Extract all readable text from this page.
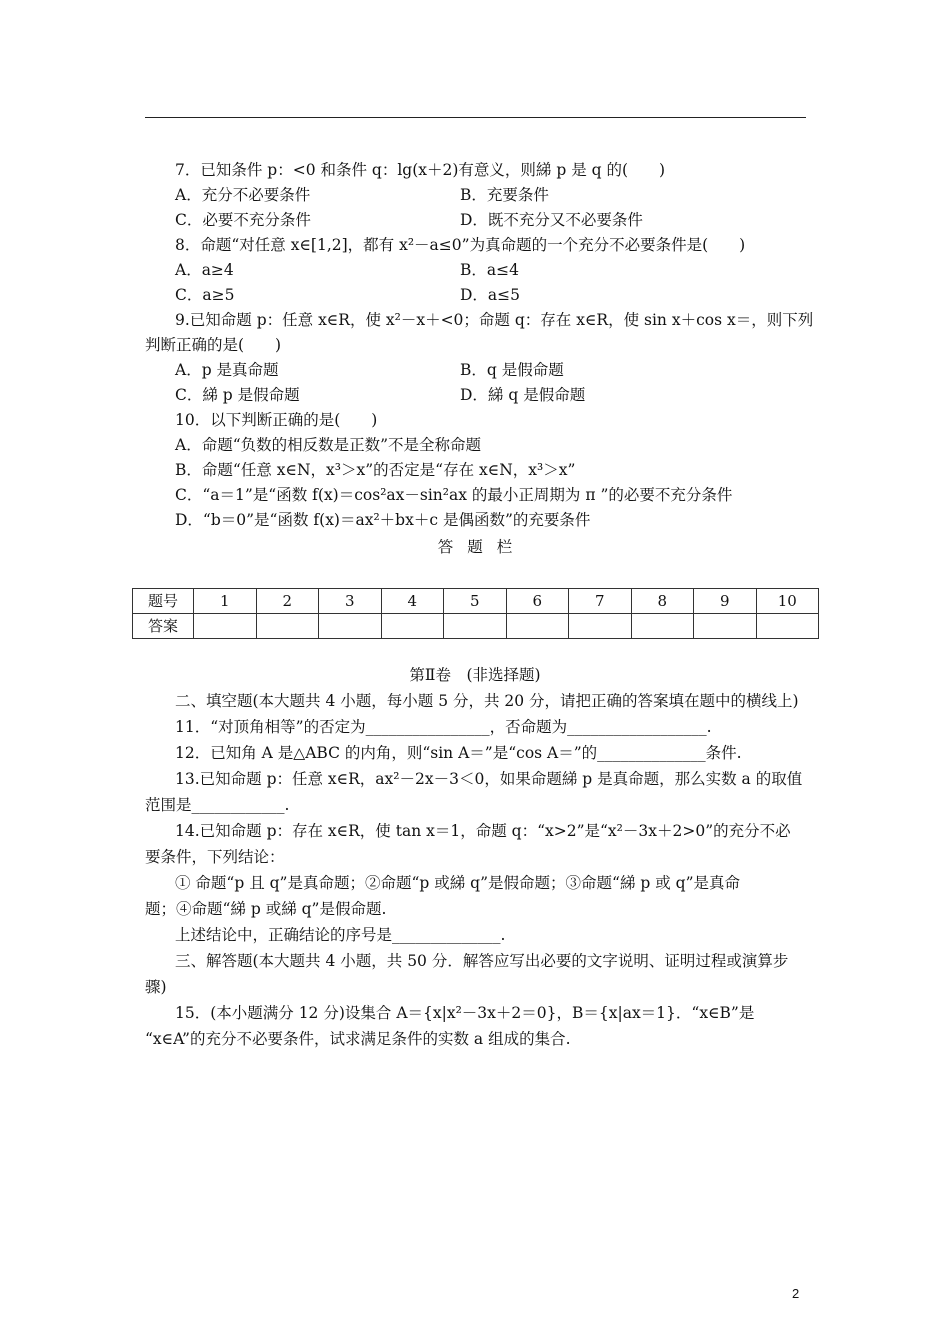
7．已知条件 p：<0 和条件 q：lg(x＋2)有意义，则綈 p 是 q 的(　　)
A．充分不必要条件	B．充要条件
C．必要不充分条件	D．既不充分又不必要条件
8．命题“对任意 x∈[1,2]，都有 x²－a≤0”为真命题的一个充分不必要条件是(　　)
A．a≥4	B．a≤4
C．a≥5	D．a≤5
9.已知命题 p：任意 x∈R，使 x²－x＋<0；命题 q：存在 x∈R，使 sin x＋cos x＝，则下列
判断正确的是(　　)
A．p 是真命题	B．q 是假命题
C．綈 p 是假命题	D．綈 q 是假命题
10．以下判断正确的是(　　)
A．命题“负数的相反数是正数”不是全称命题
B．命题“任意 x∈N，x³＞x”的否定是“存在 x∈N，x³＞x”
C．“a＝1”是“函数 f(x)＝cos²ax－sin²ax 的最小正周期为 π ”的必要不充分条件
D．“b＝0”是“函数 f(x)＝ax²＋bx＋c 是偶函数”的充要条件
答题栏
题号	1	2	3	4	5	6	7	8	9	10
答案										
第Ⅱ卷　(非选择题)
二、填空题(本大题共 4 小题，每小题 5 分，共 20 分，请把正确的答案填在题中的横线上)
11．“对顶角相等”的否定为________________，否命题为__________________.
12．已知角 A 是△ABC 的内角，则“sin A＝”是“cos A＝”的______________条件.
13.已知命题 p：任意 x∈R，ax²－2x－3＜0，如果命题綈 p 是真命题，那么实数 a 的取值
范围是____________.
14.已知命题 p：存在 x∈R，使 tan x＝1，命题 q：“x>2”是“x²－3x＋2>0”的充分不必
要条件，下列结论：
① 命题“p 且 q”是真命题；②命题“p 或綈 q”是假命题；③命题“綈 p 或 q”是真命
题；④命题“綈 p 或綈 q”是假命题.
上述结论中，正确结论的序号是______________.
三、解答题(本大题共 4 小题，共 50 分．解答应写出必要的文字说明、证明过程或演算步
骤)
15．(本小题满分 12 分)设集合 A＝{x|x²－3x＋2＝0}，B＝{x|ax＝1}．“x∈B”是
“x∈A”的充分不必要条件，试求满足条件的实数 a 组成的集合.
2
